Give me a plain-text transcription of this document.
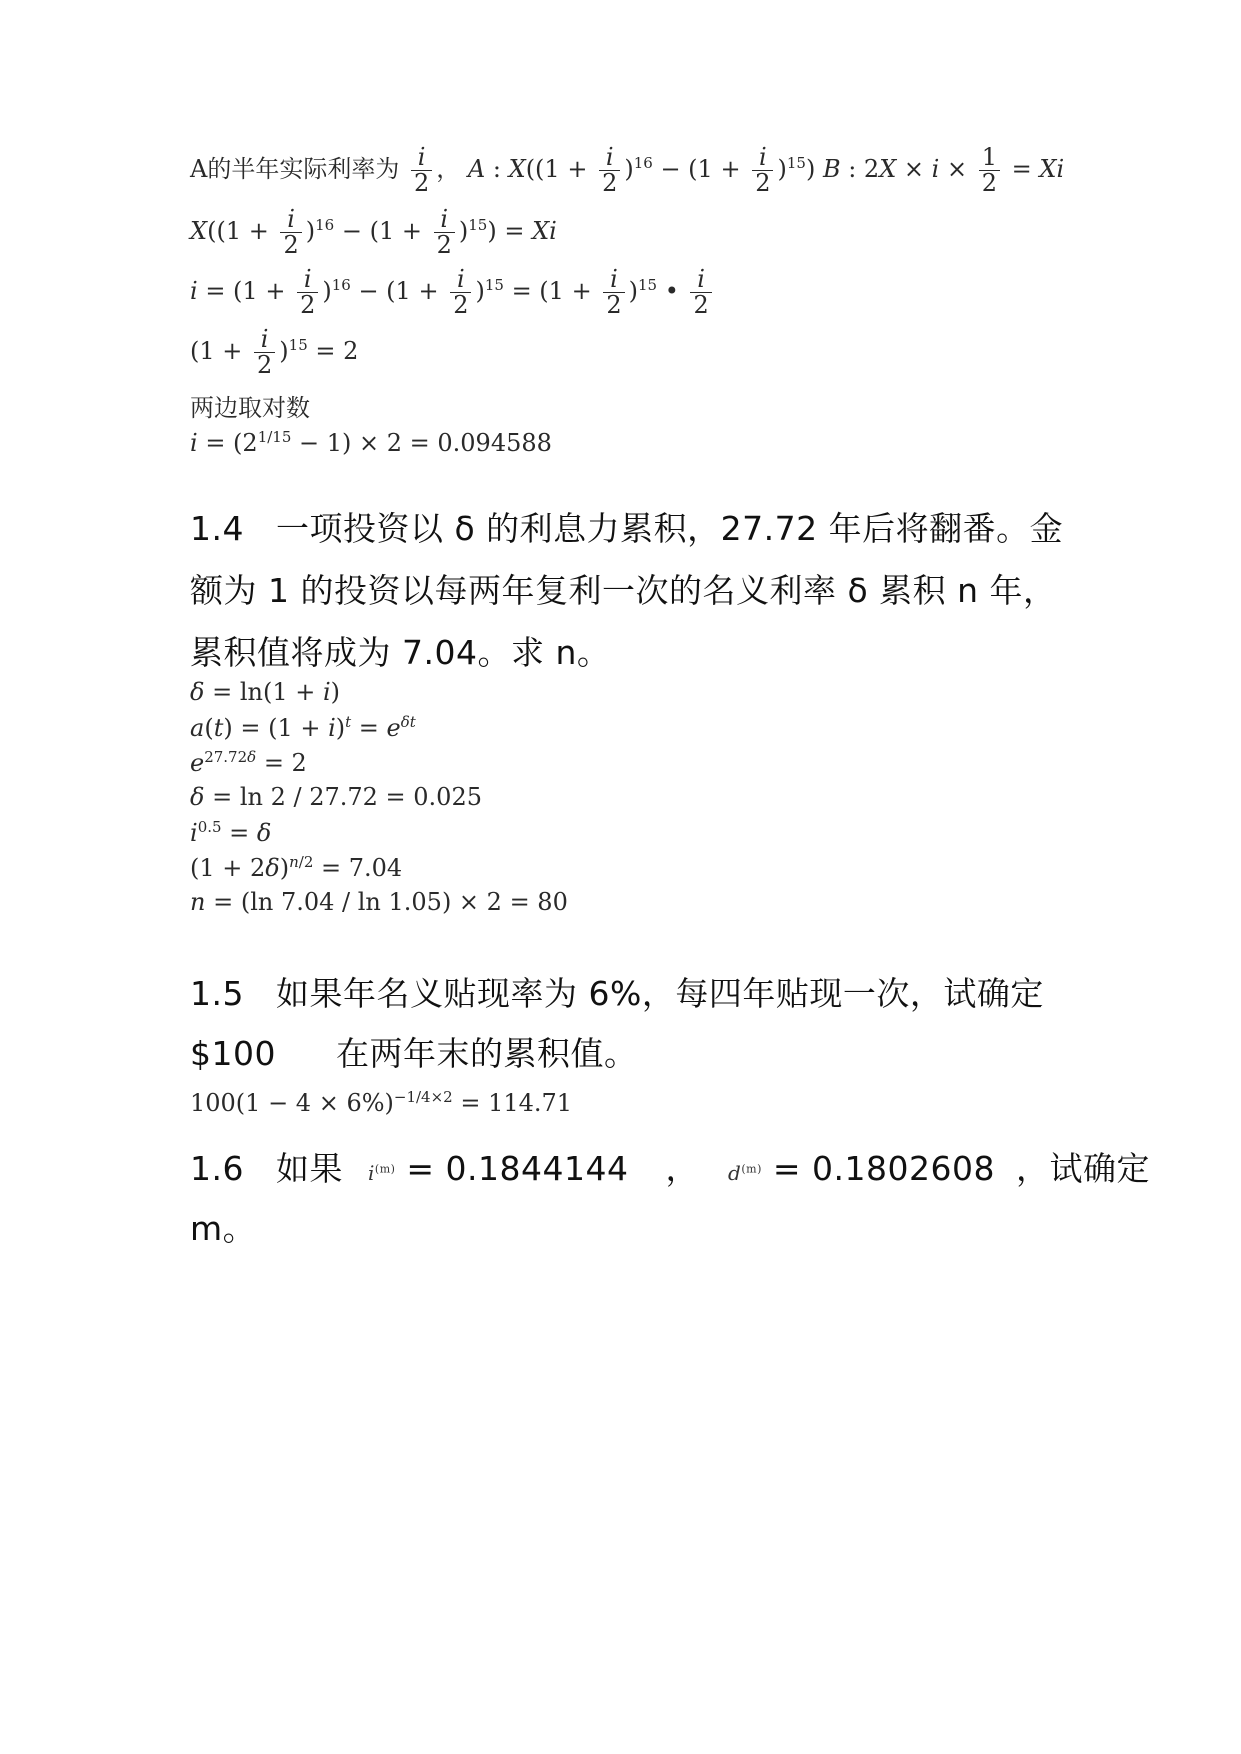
A的半年实际利率为 $\frac{i}{2}$ ， A : $X((1 + \frac{i}{2} )^{16} - (1 + \frac{i}{2} )^{15})$ B : $2X \times i \times \frac{1}{2} = Xi$
$X((1 + \frac{i}{2} )^{16} - (1 + \frac{i}{2} )^{15}) = Xi$
$i = (1 + \frac{i}{2} )^{16} - (1 + \frac{i}{2} )^{15} = (1 + \frac{i}{2} )^{15}$ • $\frac{i}{2}$
$(1 + \frac{i}{2} )^{15} = 2$
两边取对数
$i = (2^{1/15} - 1) \times 2 = 0.094588$
1.4 一项投资以 δ 的利息力累积，27.72 年后将翻番。金
额为 1 的投资以每两年复利一次的名义利率 δ 累积 n 年，
累积值将成为 7.04。求 n。
δ = ln(1 + i)
$a(t) = (1 + i)^t = e^{\delta t}$
$e^{27.72\delta} = 2$
δ = ln 2 / 27.72 = 0.025
$i^{0.5} = \delta$
$(1 + 2\delta)^{n/2} = 7.04$
n = (ln 7.04 / ln 1.05) × 2 = 80
1.5 如果年名义贴现率为 6%，每四年贴现一次，试确定
$100 在两年末的累积值。
$100(1 - 4 \times 6\%)^{-1/4\times 2} = 114.71$
1.6 如果 $i^{(m)} = 0.1844144$ ， $d^{(m)} = 0.1802608$ ，试确定
m。
